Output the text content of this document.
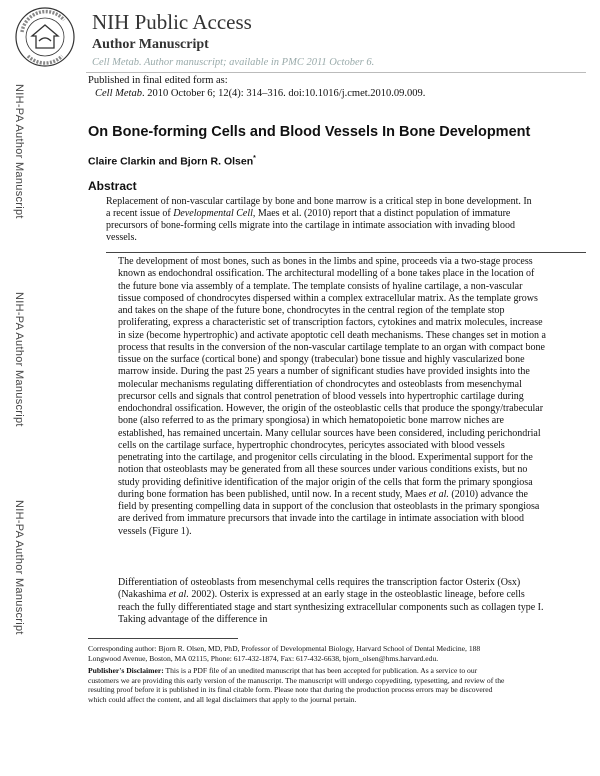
NIH Public Access
Author Manuscript
Cell Metab. Author manuscript; available in PMC 2011 October 6.
Published in final edited form as:
Cell Metab. 2010 October 6; 12(4): 314–316. doi:10.1016/j.cmet.2010.09.009.
NIH-PA Author Manuscript
NIH-PA Author Manuscript
NIH-PA Author Manuscript
On Bone-forming Cells and Blood Vessels In Bone Development
Claire Clarkin and Bjorn R. Olsen*
Abstract
Replacement of non-vascular cartilage by bone and bone marrow is a critical step in bone development. In a recent issue of Developmental Cell, Maes et al. (2010) report that a distinct population of immature precursors of bone-forming cells migrate into the cartilage in intimate association with invading blood vessels.
The development of most bones, such as bones in the limbs and spine, proceeds via a two-stage process known as endochondral ossification. The architectural modelling of a bone takes place in the location of the future bone via assembly of a template. The template consists of hyaline cartilage, a non-vascular tissue composed of chondrocytes dispersed within a complex extracellular matrix. As the template grows and takes on the shape of the future bone, chondrocytes in the central region of the template stop proliferating, express a characteristic set of transcription factors, cytokines and matrix molecules, increase in size (become hypertrophic) and activate apoptotic cell death mechanisms. These changes set in motion a process that results in the conversion of the non-vascular cartilage template to an organ with compact bone tissue on the surface (cortical bone) and spongy (trabecular) bone tissue and highly vascularized bone marrow inside. During the past 25 years a number of significant studies have provided insights into the molecular mechanisms regulating differentiation of chondrocytes and osteoblasts from mesenchymal precursor cells and signals that control penetration of blood vessels into hypertrophic cartilage during endochondral ossification. However, the origin of the osteoblastic cells that produce the spongy/trabecular bone (also referred to as the primary spongiosa) in which hematopoietic bone marrow niches are established, has remained uncertain. Many cellular sources have been considered, including perichondrial cells on the cartilage surface, hypertrophic chondrocytes, pericytes associated with blood vessels penetrating into the cartilage, and progenitor cells circulating in the blood. Experimental support for the notion that osteoblasts may be generated from all these sources under various conditions exists, but no study providing definitive identification of the major origin of the cells that form the primary spongiosa during bone formation has been published, until now. In a recent study, Maes et al. (2010) advance the field by presenting compelling data in support of the conclusion that osteoblasts in the primary spongiosa are derived from immature precursors that invade into the cartilage in intimate association with blood vessels (Figure 1).
Differentiation of osteoblasts from mesenchymal cells requires the transcription factor Osterix (Osx) (Nakashima et al. 2002). Osterix is expressed at an early stage in the osteoblastic lineage, before cells reach the fully differentiated stage and start synthesizing extracellular components such as collagen type I. Taking advantage of the difference in
Corresponding author: Bjorn R. Olsen, MD, PhD, Professor of Developmental Biology, Harvard School of Dental Medicine, 188 Longwood Avenue, Boston, MA 02115, Phone: 617-432-1874, Fax: 617-432-6638, bjorn_olsen@hms.harvard.edu.
Publisher's Disclaimer: This is a PDF file of an unedited manuscript that has been accepted for publication. As a service to our customers we are providing this early version of the manuscript. The manuscript will undergo copyediting, typesetting, and review of the resulting proof before it is published in its final citable form. Please note that during the production process errors may be discovered which could affect the content, and all legal disclaimers that apply to the journal pertain.
